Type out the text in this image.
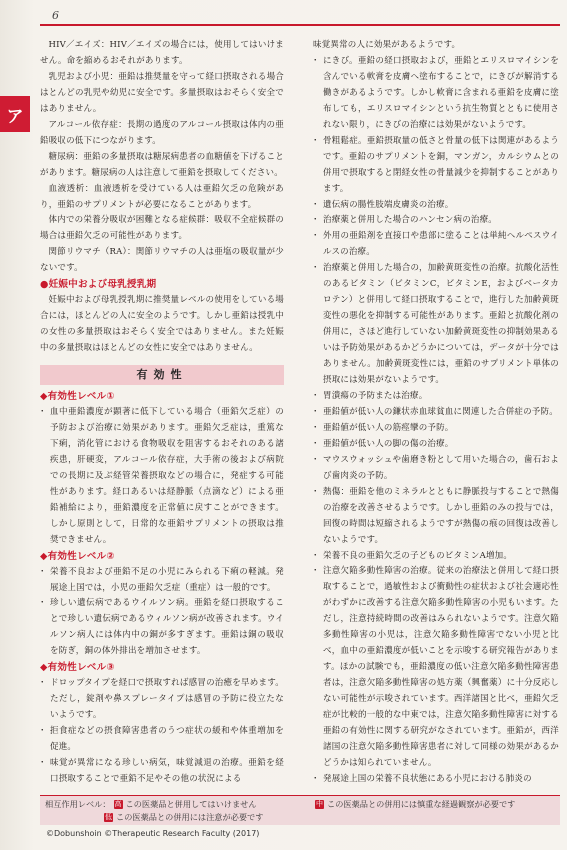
6
ア

HIV／エイズ：HIV／エイズの場合には，使用してはいけません。命を縮めるおそれがあります。

乳児および小児：亜鉛は推奨量を守って経口摂取される場合はとんどの乳児や幼児に安全です。多量摂取はおそらく安全ではありません。

アルコール依存症：長期の過度のアルコール摂取は体内の亜鉛吸収の低下につながります。

糖尿病：亜鉛の多量摂取は糖尿病患者の血糖値を下げることがあります。糖尿病の人は注意して亜鉛を摂取してください。

血液透析：血液透析を受けている人は亜鉛欠乏の危険があり，亜鉛のサプリメントが必要になることがあります。

体内での栄養分吸収が困難となる症候群：吸収不全症候群の場合は亜鉛欠乏の可能性があります。

関節リウマチ（RA）：関節リウマチの人は亜塩の吸収量が少ないです。

●妊娠中および母乳授乳期

妊娠中および母乳授乳期に推奨量レベルの使用をしている場合には，ほとんどの人に安全のようです。しかし亜鉛は授乳中の女性の多量摂取はおそらく安全ではありません。また妊娠中の多量摂取はほとんどの女性に安全ではありません。

有効性
◆有効性レベル①
・ 血中亜鉛濃度が顕著に低下している場合（亜鉛欠乏症）の予防および治療に効果があります。亜鉛欠乏症は，重篤な下痢，消化管における食物吸収を阻害するおそれのある諸疾患，肝硬変，アルコール依存症，大手術の後および病院での長期に及ぶ経管栄養摂取などの場合に，発症する可能性があります。経口あるいは経静脈（点滴など）による亜鉛補給により，亜鉛濃度を正常値に戻すことができます。しかし原則として，日常的な亜鉛サプリメントの摂取は推奨できません。
◆有効性レベル②
・ 栄養不良および亜鉛不足の小児にみられる下痢の軽減。発展途上国では，小児の亜鉛欠乏症（重症）は一般的です。
・ 珍しい遺伝病であるウイルソン病。亜鉛を経口摂取することで珍しい遺伝病であるウィルソン病が改善されます。ウイルソン病人には体内中の銅が多すぎます。亜鉛は銅の吸収を防ぎ，銅の体外排出を増加させます。
◆有効性レベル③
・ ドロップタイプを経口で摂取すれば感冒の治癒を早めます。ただし，錠剤や鼻スプレータイプは感冒の予防に役立たないようです。
・ 拒食症などの摂食障害患者のうつ症状の緩和や体重増加を促進。
・ 味覚が異常になる珍しい病気，味覚減退の治療。亜鉛を経口摂取することで亜鉛不足やその他の状況による

味覚異常の人に効果があるようです。

・ にきび。亜鉛の経口摂取および，亜鉛とエリスロマイシンを含んでいる軟膏を皮膚へ塗布することで，にきびが解消する働きがあるようです。しかし軟膏に含まれる亜鉛を皮膚に塗布しても，エリスロマイシンという抗生物質とともに使用されない限り，にきびの治療には効果がないようです。
・ 骨粗鬆症。亜鉛摂取量の低さと骨量の低下は関連があるようです。亜鉛のサプリメントを銅，マンガン，カルシウムとの併用で摂取すると閉経女性の骨量減少を抑制することがあります。
・ 遺伝病の腸性肢端皮膚炎の治療。
・ 治療薬と併用した場合のハンセン病の治療。
・ 外用の亜鉛剤を直接口や患部に塗ることは単純ヘルペスウイルスの治療。
・ 治療薬と併用した場合の，加齢黄斑変性の治療。抗酸化活性のあるビタミン（ビタミンC，ビタミンE，およびベータカロテン）と併用して経口摂取することで，進行した加齢黄斑変性の悪化を抑制する可能性があります。亜鉛と抗酸化剤の併用に，さほど進行していない加齢黄斑変性の抑制効果あるいは予防効果があるかどうかについては，データが十分ではありません。加齢黄斑変性には，亜鉛のサプリメント単体の摂取には効果がないようです。
・ 胃潰瘍の予防または治療。
・ 亜鉛値が低い人の鎌状赤血球貧血に関連した合併症の予防。
・ 亜鉛値が低い人の筋痙攣の予防。
・ 亜鉛値が低い人の脚の傷の治療。
・ マウスウォッシュや歯磨き粉として用いた場合の，歯石および歯肉炎の予防。
・ 熱傷：亜鉛を他のミネラルとともに静脈投与することで熱傷の治療を改善させるようです。しかし亜鉛のみの投与では，回復の時間は短縮されるようですが熱傷の痕の回復は改善しないようです。
・ 栄養不良の亜鉛欠乏の子どものビタミンA増加。
・ 注意欠陥多動性障害の治療。従来の治療法と併用して経口摂取することで，過敏性および衝動性の症状および社会適応性がわずかに改善する注意欠陥多動性障害の小児もいます。ただし，注意持続時間の改善はみられないようです。注意欠陥多動性障害の小児は，注意欠陥多動性障害でない小児と比べ，血中の亜鉛濃度が低いことを示唆する研究報告があります。ほかの試験でも，亜鉛濃度の低い注意欠陥多動性障害患者は，注意欠陥多動性障害の処方薬（興奮薬）に十分反応しない可能性が示唆されています。西洋諸国と比べ，亜鉛欠乏症が比較的一般的な中東では，注意欠陥多動性障害に対する亜鉛の有効性に関する研究がなされています。亜鉛が，西洋諸国の注意欠陥多動性障害患者に対して同様の効果があるかどうかは知られていません。
・ 発展途上国の栄養不良状態にある小児における肺炎の
相互作用レベル： 高 この医薬品と併用してはいけません
低 この医薬品との併用には注意が必要です
中 この医薬品との併用には慎重な経過観察が必要です
©Dobunshoin ©Therapeutic Research Faculty (2017)
